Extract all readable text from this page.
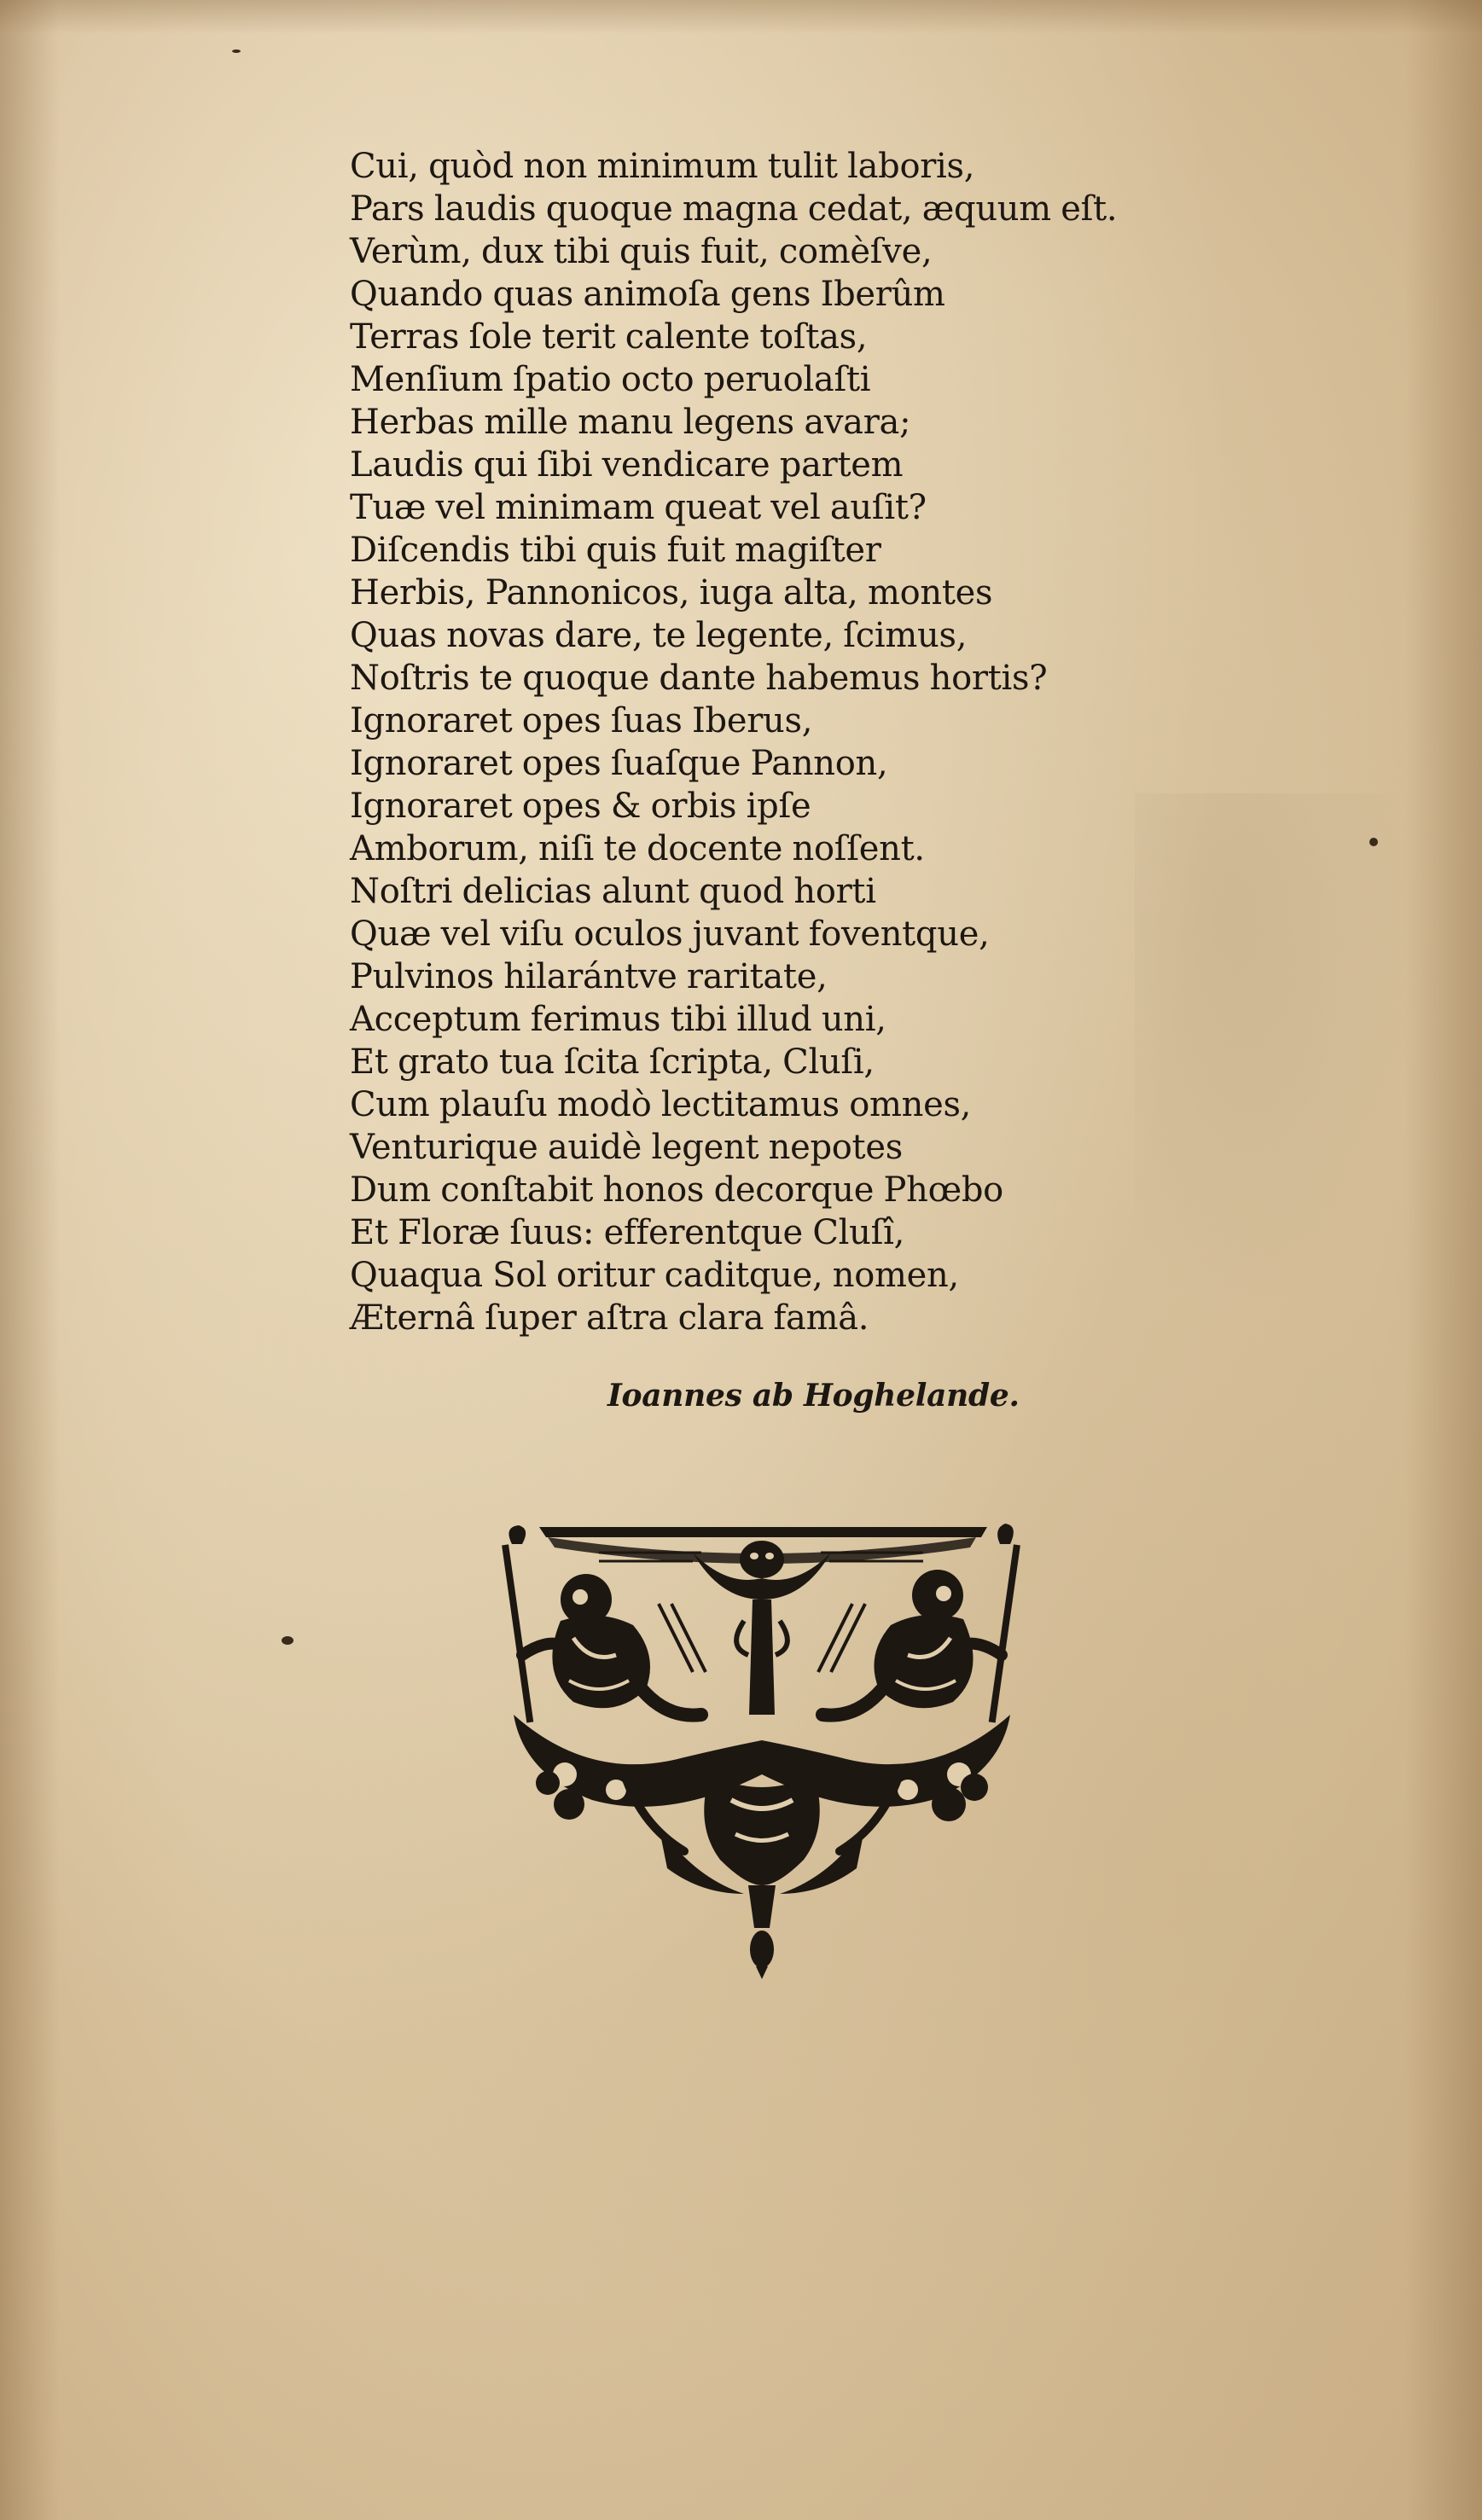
Cui, quòd non minimum tulit laboris,
Pars laudis quoque magna cedat, æquum eſt.
Verùm, dux tibi quis fuit, comèſve,
Quando quas animoſa gens Iberûm
Terras ſole terit calente toſtas,
Menſium ſpatio octo peruolaſti
Herbas mille manu legens avara;
Laudis qui ſibi vendicare partem
Tuæ vel minimam queat vel auſit?
Diſcendis tibi quis fuit magiſter
Herbis, Pannonicos, iuga alta, montes
Quas novas dare, te legente, ſcimus,
Noſtris te quoque dante habemus hortis?
Ignoraret opes ſuas Iberus,
Ignoraret opes ſuaſque Pannon,
Ignoraret opes & orbis ipſe
Amborum, niſi te docente noſſent.
Noſtri delicias alunt quod horti
Quæ vel viſu oculos juvant foventque,
Pulvinos hilarántve raritate,
Acceptum ferimus tibi illud uni,
Et grato tua ſcita ſcripta, Cluſi,
Cum plauſu modò lectitamus omnes,
Venturique auidè legent nepotes
Dum conſtabit honos decorque Phœbo
Et Floræ ſuus: efferentque Cluſî,
Quaqua Sol oritur caditque, nomen,
Æternâ ſuper aſtra clara famâ.
Ioannes ab Hoghelande.
